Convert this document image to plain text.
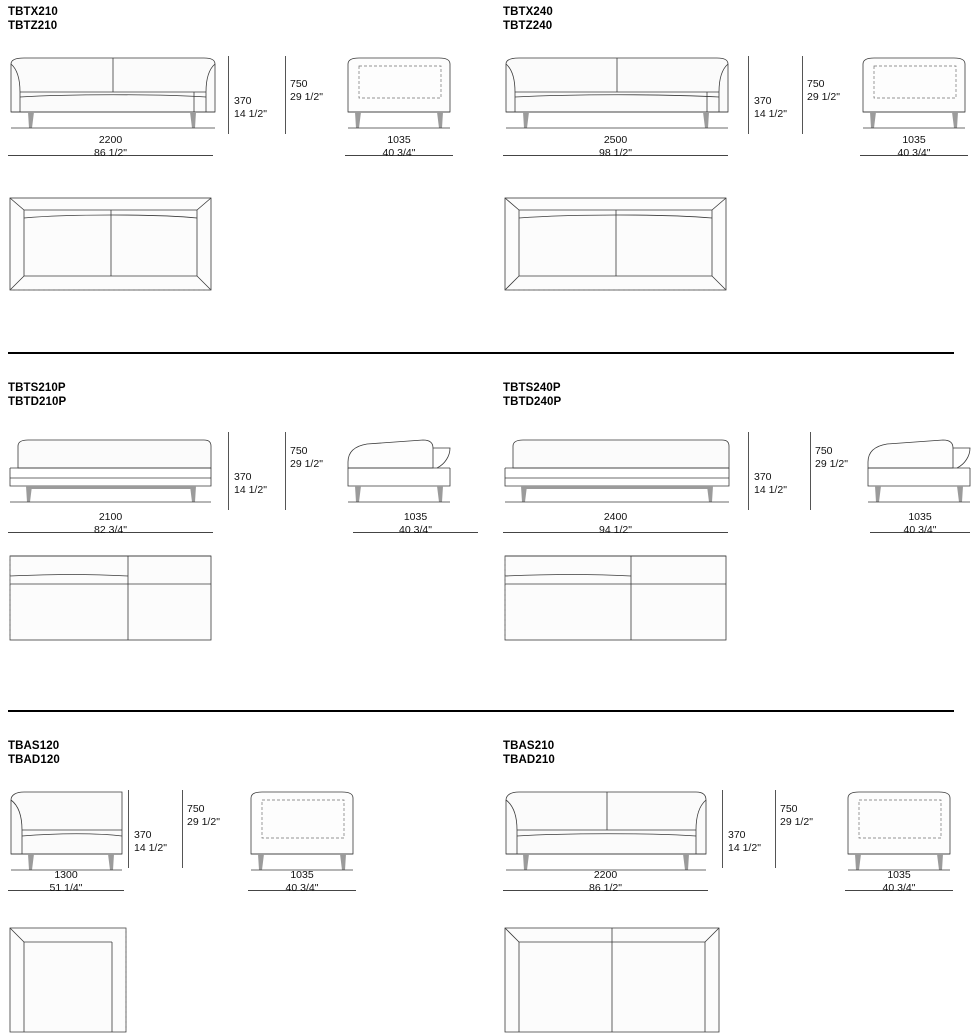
TBTX210
TBTZ210
370
14 1/2"
750
29 1/2"
2200
86 1/2"
1035
40 3/4"
TBTX240
TBTZ240
370
14 1/2"
750
29 1/2"
2500
98 1/2"
1035
40 3/4"
TBTS210P
TBTD210P
370
14 1/2"
750
29 1/2"
2100
82 3/4"
1035
40 3/4"
TBTS240P
TBTD240P
370
14 1/2"
750
29 1/2"
2400
94 1/2"
1035
40 3/4"
TBAS120
TBAD120
370
14 1/2"
750
29 1/2"
1300
51 1/4"
1035
40 3/4"
TBAS210
TBAD210
370
14 1/2"
750
29 1/2"
2200
86 1/2"
1035
40 3/4"
